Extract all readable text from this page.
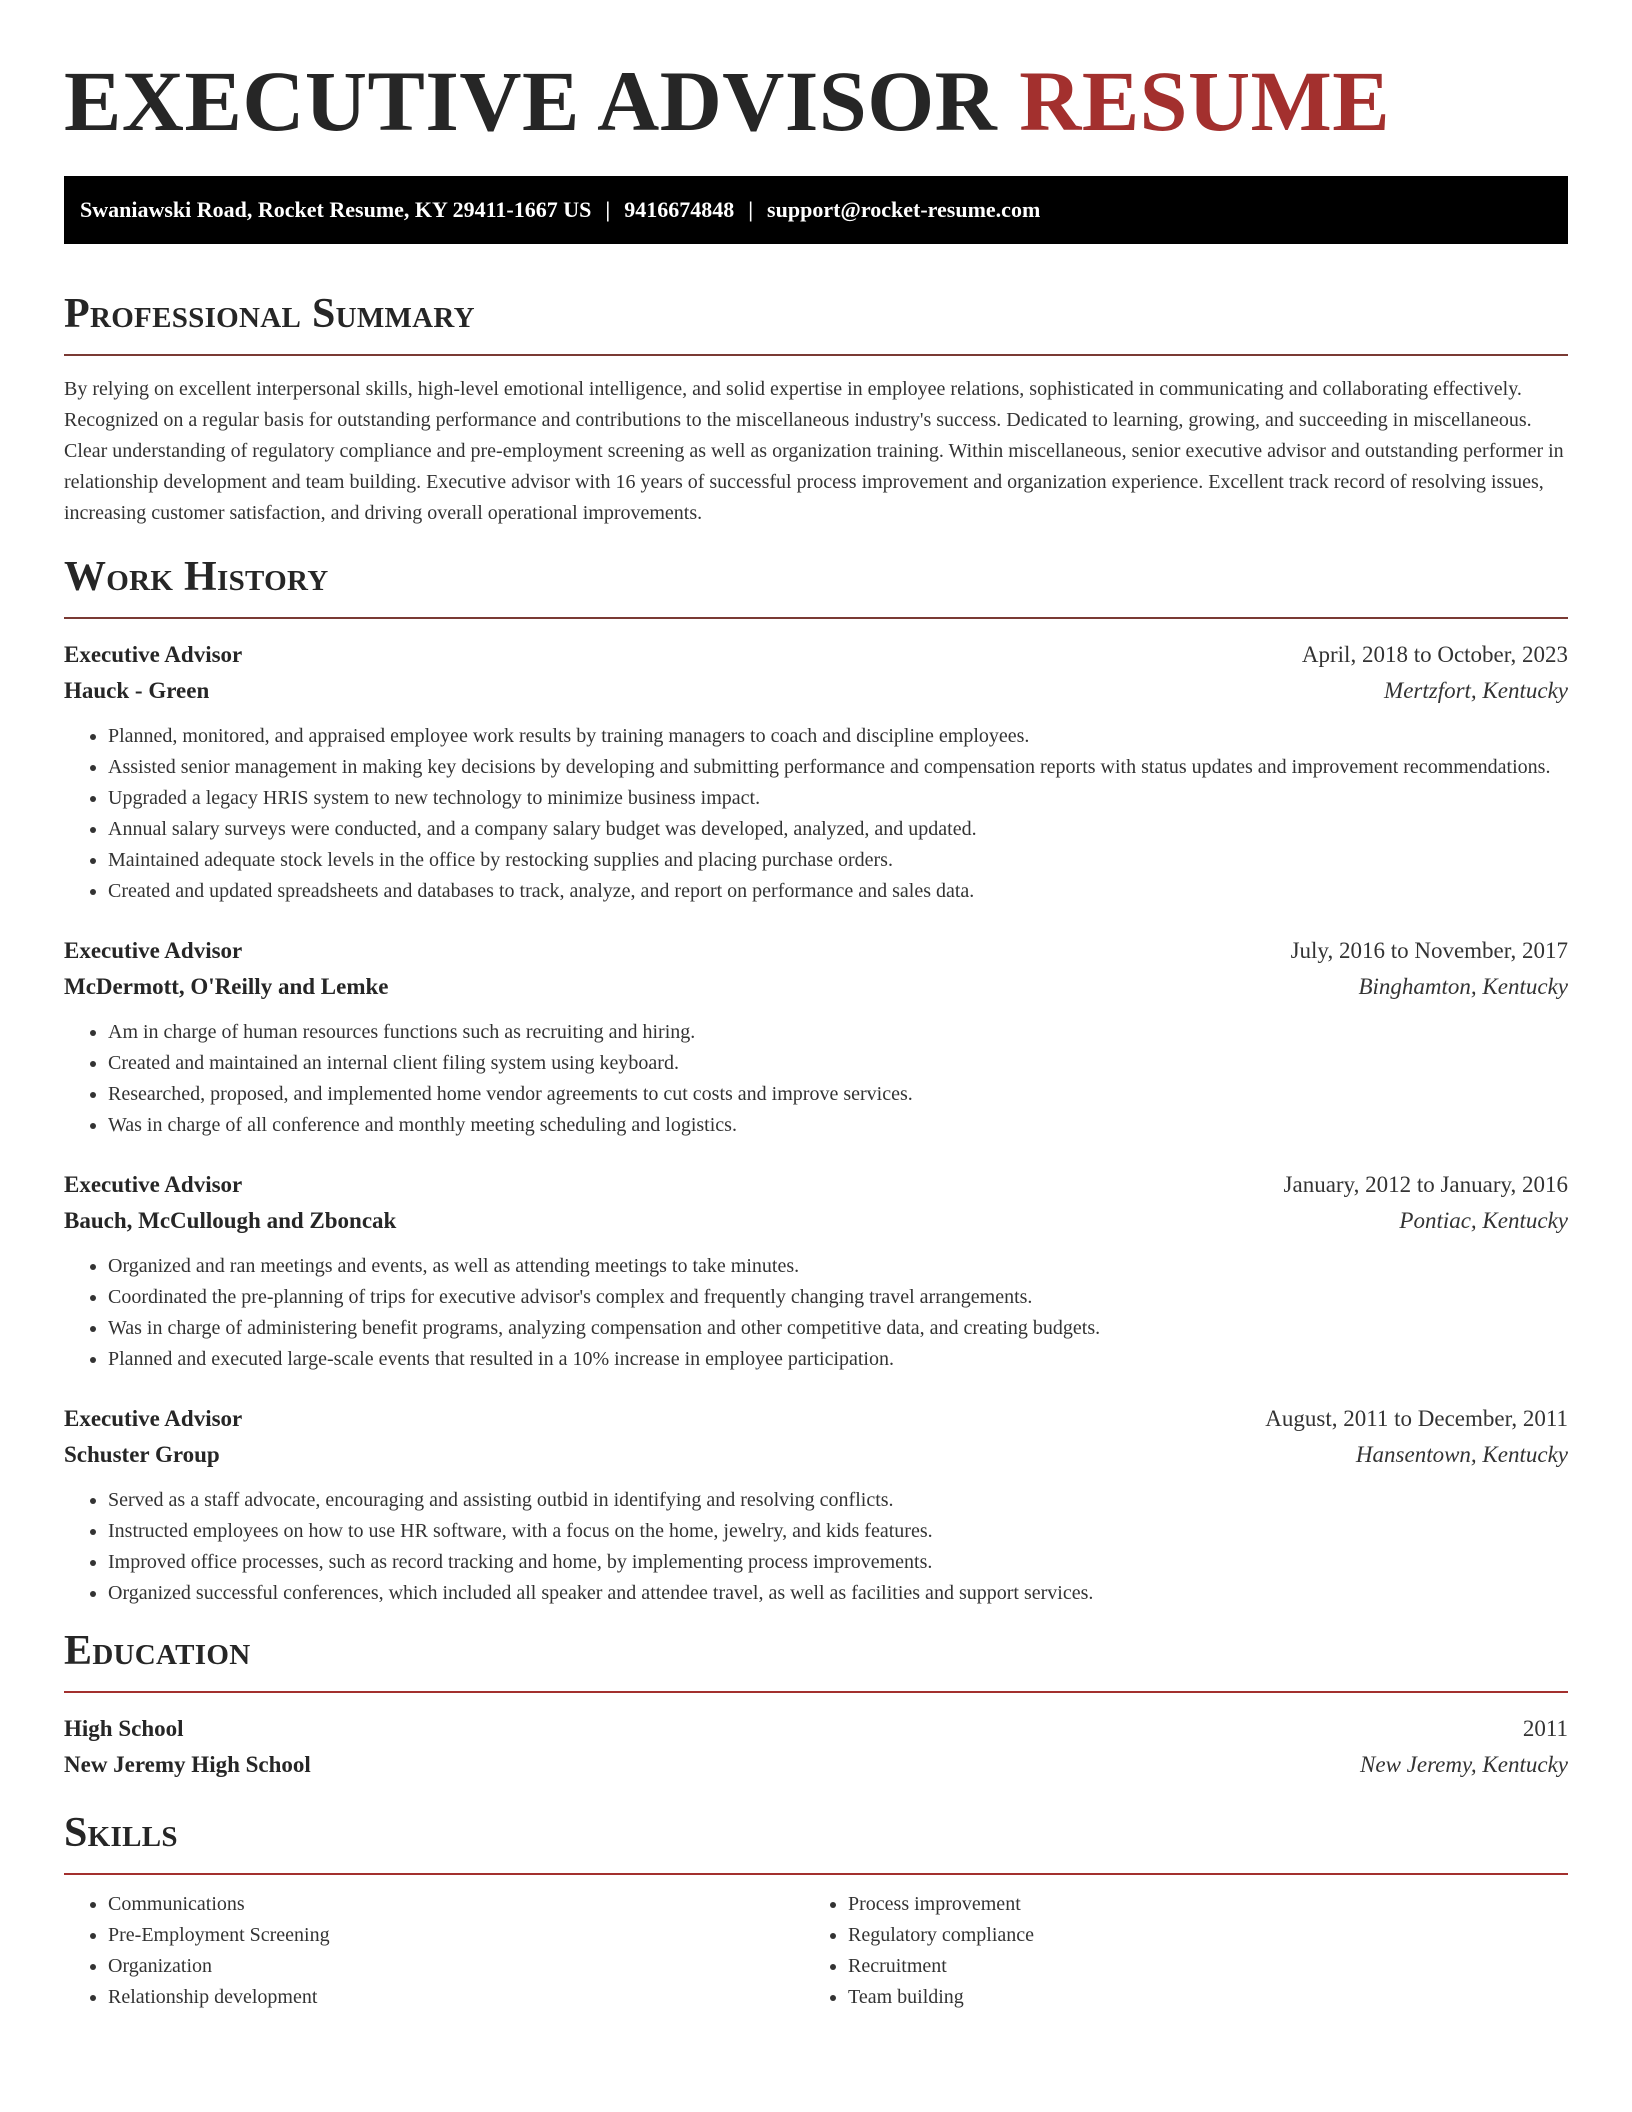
EXECUTIVE ADVISOR RESUME
Swaniawski Road, Rocket Resume, KY 29411-1667 US | 9416674848 | support@rocket-resume.com
Professional Summary

By relying on excellent interpersonal skills, high-level emotional intelligence, and solid expertise in employee relations, sophisticated in communicating and collaborating effectively. Recognized on a regular basis for outstanding performance and contributions to the miscellaneous industry's success. Dedicated to learning, growing, and succeeding in miscellaneous. Clear understanding of regulatory compliance and pre-employment screening as well as organization training. Within miscellaneous, senior executive advisor and outstanding performer in relationship development and team building. Executive advisor with 16 years of successful process improvement and organization experience. Excellent track record of resolving issues, increasing customer satisfaction, and driving overall operational improvements.

Work History
Executive Advisor	April, 2018 to October, 2023
Hauck - Green	Mertzfort, Kentucky
• Planned, monitored, and appraised employee work results by training managers to coach and discipline employees.
• Assisted senior management in making key decisions by developing and submitting performance and compensation reports with status updates and improvement recommendations.
• Upgraded a legacy HRIS system to new technology to minimize business impact.
• Annual salary surveys were conducted, and a company salary budget was developed, analyzed, and updated.
• Maintained adequate stock levels in the office by restocking supplies and placing purchase orders.
• Created and updated spreadsheets and databases to track, analyze, and report on performance and sales data.
Executive Advisor	July, 2016 to November, 2017
McDermott, O'Reilly and Lemke	Binghamton, Kentucky
• Am in charge of human resources functions such as recruiting and hiring.
• Created and maintained an internal client filing system using keyboard.
• Researched, proposed, and implemented home vendor agreements to cut costs and improve services.
• Was in charge of all conference and monthly meeting scheduling and logistics.
Executive Advisor	January, 2012 to January, 2016
Bauch, McCullough and Zboncak	Pontiac, Kentucky
• Organized and ran meetings and events, as well as attending meetings to take minutes.
• Coordinated the pre-planning of trips for executive advisor's complex and frequently changing travel arrangements.
• Was in charge of administering benefit programs, analyzing compensation and other competitive data, and creating budgets.
• Planned and executed large-scale events that resulted in a 10% increase in employee participation.
Executive Advisor	August, 2011 to December, 2011
Schuster Group	Hansentown, Kentucky
• Served as a staff advocate, encouraging and assisting outbid in identifying and resolving conflicts.
• Instructed employees on how to use HR software, with a focus on the home, jewelry, and kids features.
• Improved office processes, such as record tracking and home, by implementing process improvements.
• Organized successful conferences, which included all speaker and attendee travel, as well as facilities and support services.
Education
High School	2011
New Jeremy High School	New Jeremy, Kentucky
Skills
• Communications
• Pre-Employment Screening
• Organization
• Relationship development
• Process improvement
• Regulatory compliance
• Recruitment
• Team building
